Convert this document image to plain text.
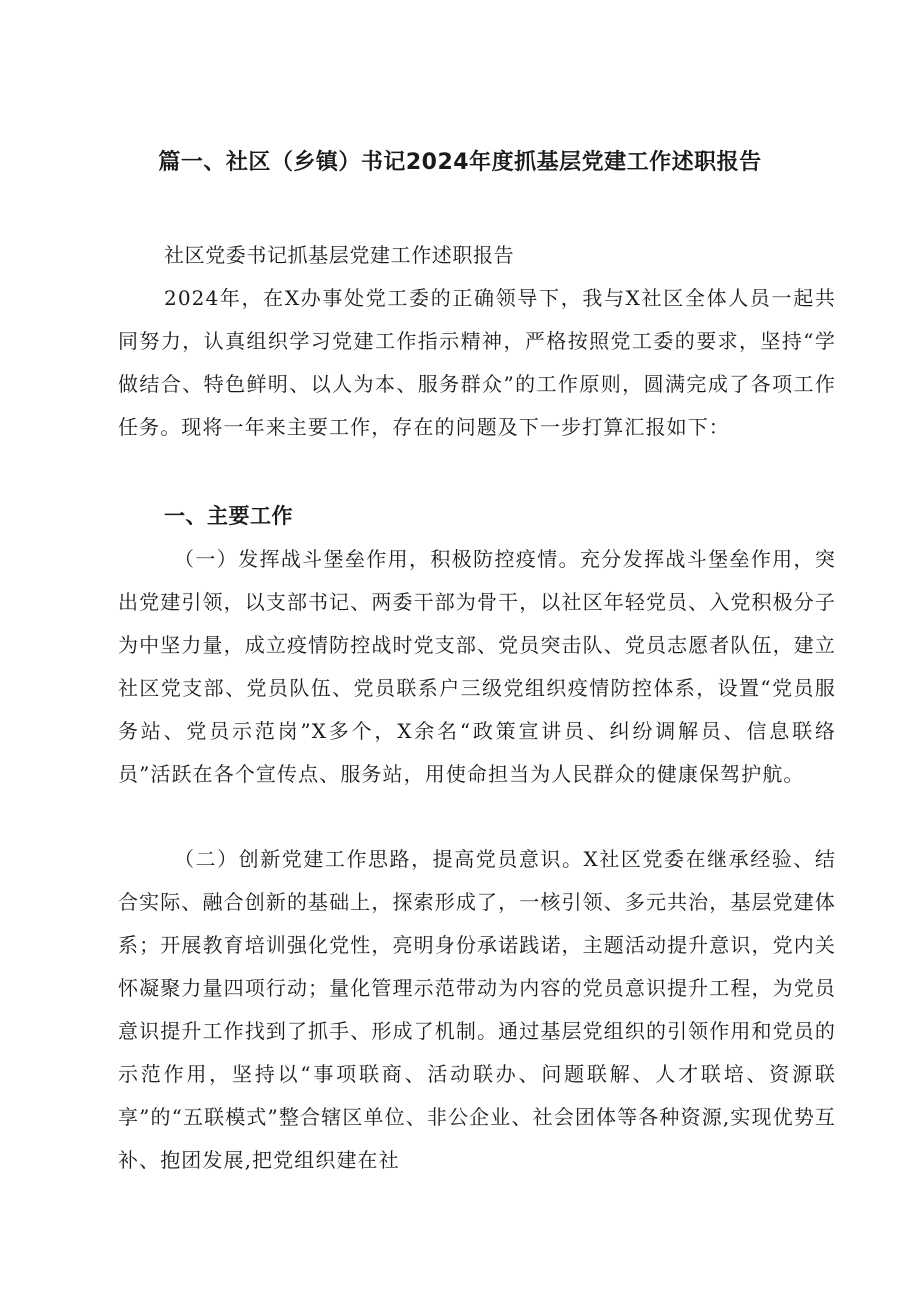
篇一、社区（乡镇）书记2024年度抓基层党建工作述职报告

社区党委书记抓基层党建工作述职报告

2024年，在X办事处党工委的正确领导下，我与X社区全体人员一起共同努力，认真组织学习党建工作指示精神，严格按照党工委的要求，坚持“学做结合、特色鲜明、以人为本、服务群众”的工作原则，圆满完成了各项工作任务。现将一年来主要工作，存在的问题及下一步打算汇报如下：

一、主要工作

（一）发挥战斗堡垒作用，积极防控疫情。充分发挥战斗堡垒作用，突出党建引领，以支部书记、两委干部为骨干，以社区年轻党员、入党积极分子为中坚力量，成立疫情防控战时党支部、党员突击队、党员志愿者队伍，建立社区党支部、党员队伍、党员联系户三级党组织疫情防控体系，设置“党员服务站、党员示范岗”X多个，X余名“政策宣讲员、纠纷调解员、信息联络员”活跃在各个宣传点、服务站，用使命担当为人民群众的健康保驾护航。

（二）创新党建工作思路，提高党员意识。X社区党委在继承经验、结合实际、融合创新的基础上，探索形成了，一核引领、多元共治，基层党建体系；开展教育培训强化党性，亮明身份承诺践诺，主题活动提升意识，党内关怀凝聚力量四项行动；量化管理示范带动为内容的党员意识提升工程，为党员意识提升工作找到了抓手、形成了机制。通过基层党组织的引领作用和党员的示范作用，坚持以“事项联商、活动联办、问题联解、人才联培、资源联享”的“五联模式”整合辖区单位、非公企业、社会团体等各种资源,实现优势互补、抱团发展,把党组织建在社
